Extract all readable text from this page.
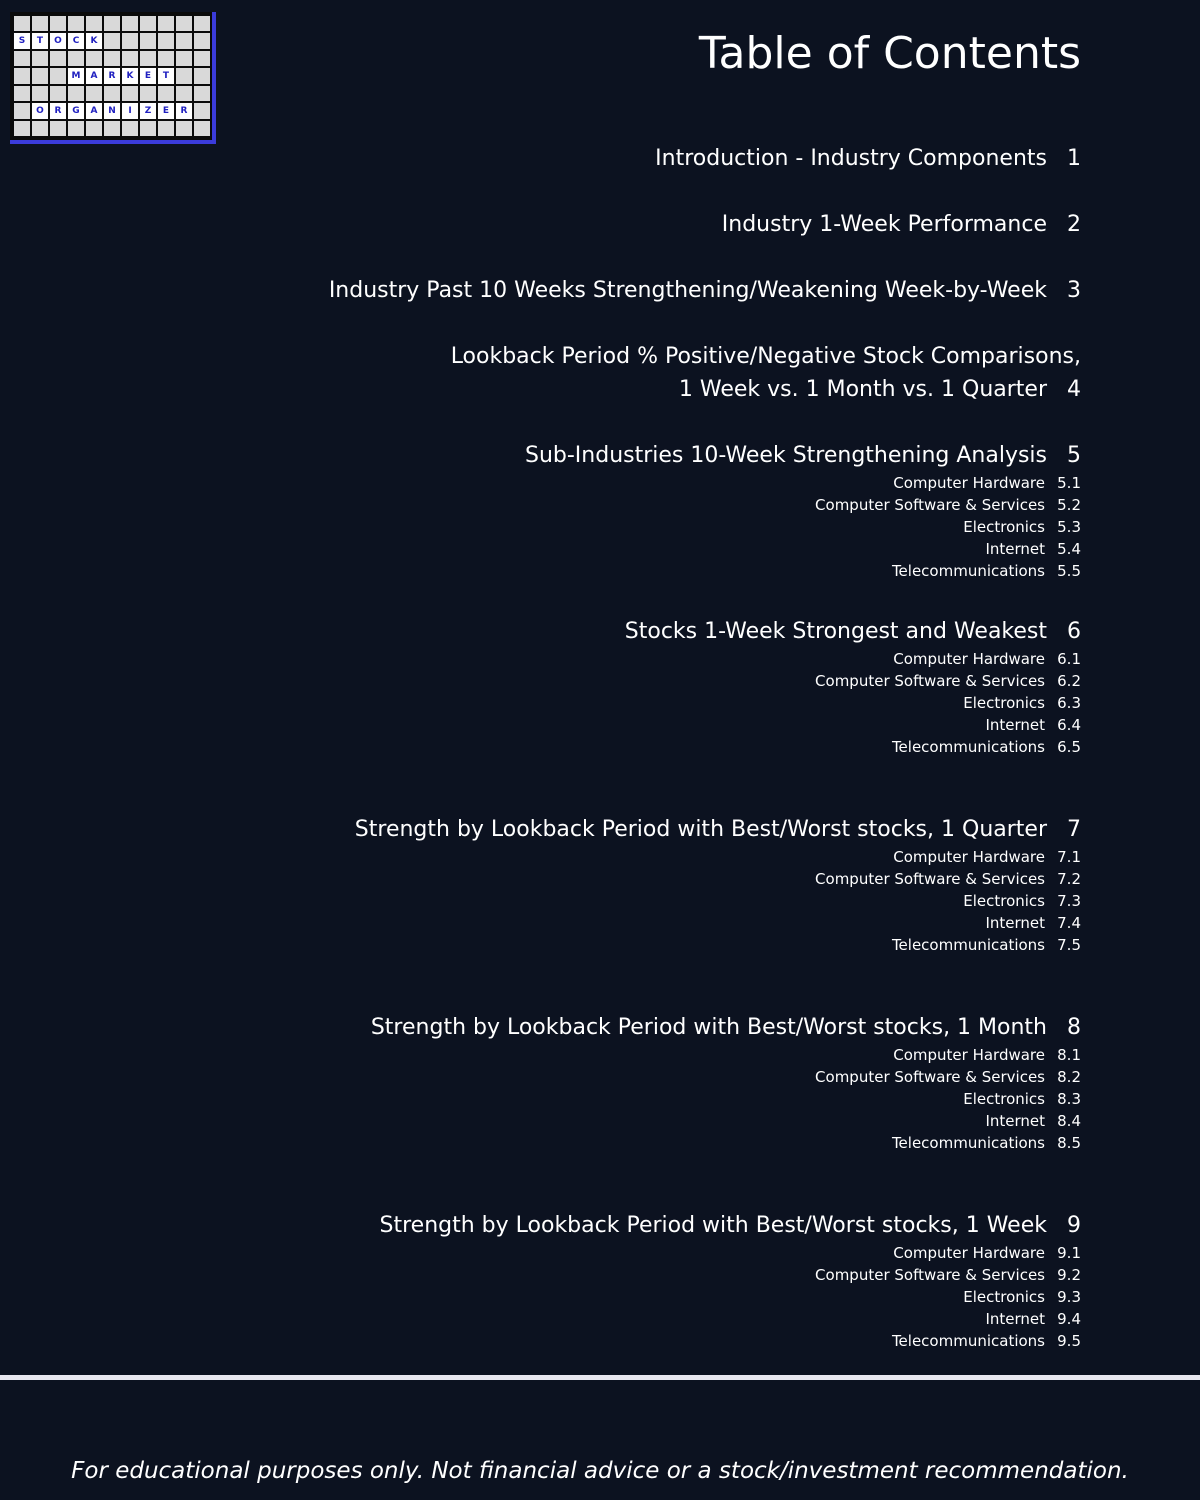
S	T	O	C	K
M	A	R	K	E	T
O	R	G	A	N	I	Z	E	R
Table of Contents
Introduction - Industry Components 1
Industry 1-Week Performance 2
Industry Past 10 Weeks Strengthening/Weakening Week-by-Week 3
Lookback Period % Positive/Negative Stock Comparisons,
1 Week vs. 1 Month vs. 1 Quarter 4
Sub-Industries 10-Week Strengthening Analysis 5
Computer Hardware 5.1
Computer Software & Services 5.2
Electronics 5.3
Internet 5.4
Telecommunications 5.5
Stocks 1-Week Strongest and Weakest 6
Computer Hardware 6.1
Computer Software & Services 6.2
Electronics 6.3
Internet 6.4
Telecommunications 6.5
Strength by Lookback Period with Best/Worst stocks, 1 Quarter 7
Computer Hardware 7.1
Computer Software & Services 7.2
Electronics 7.3
Internet 7.4
Telecommunications 7.5
Strength by Lookback Period with Best/Worst stocks, 1 Month 8
Computer Hardware 8.1
Computer Software & Services 8.2
Electronics 8.3
Internet 8.4
Telecommunications 8.5
Strength by Lookback Period with Best/Worst stocks, 1 Week 9
Computer Hardware 9.1
Computer Software & Services 9.2
Electronics 9.3
Internet 9.4
Telecommunications 9.5
For educational purposes only. Not financial advice or a stock/investment recommendation.
